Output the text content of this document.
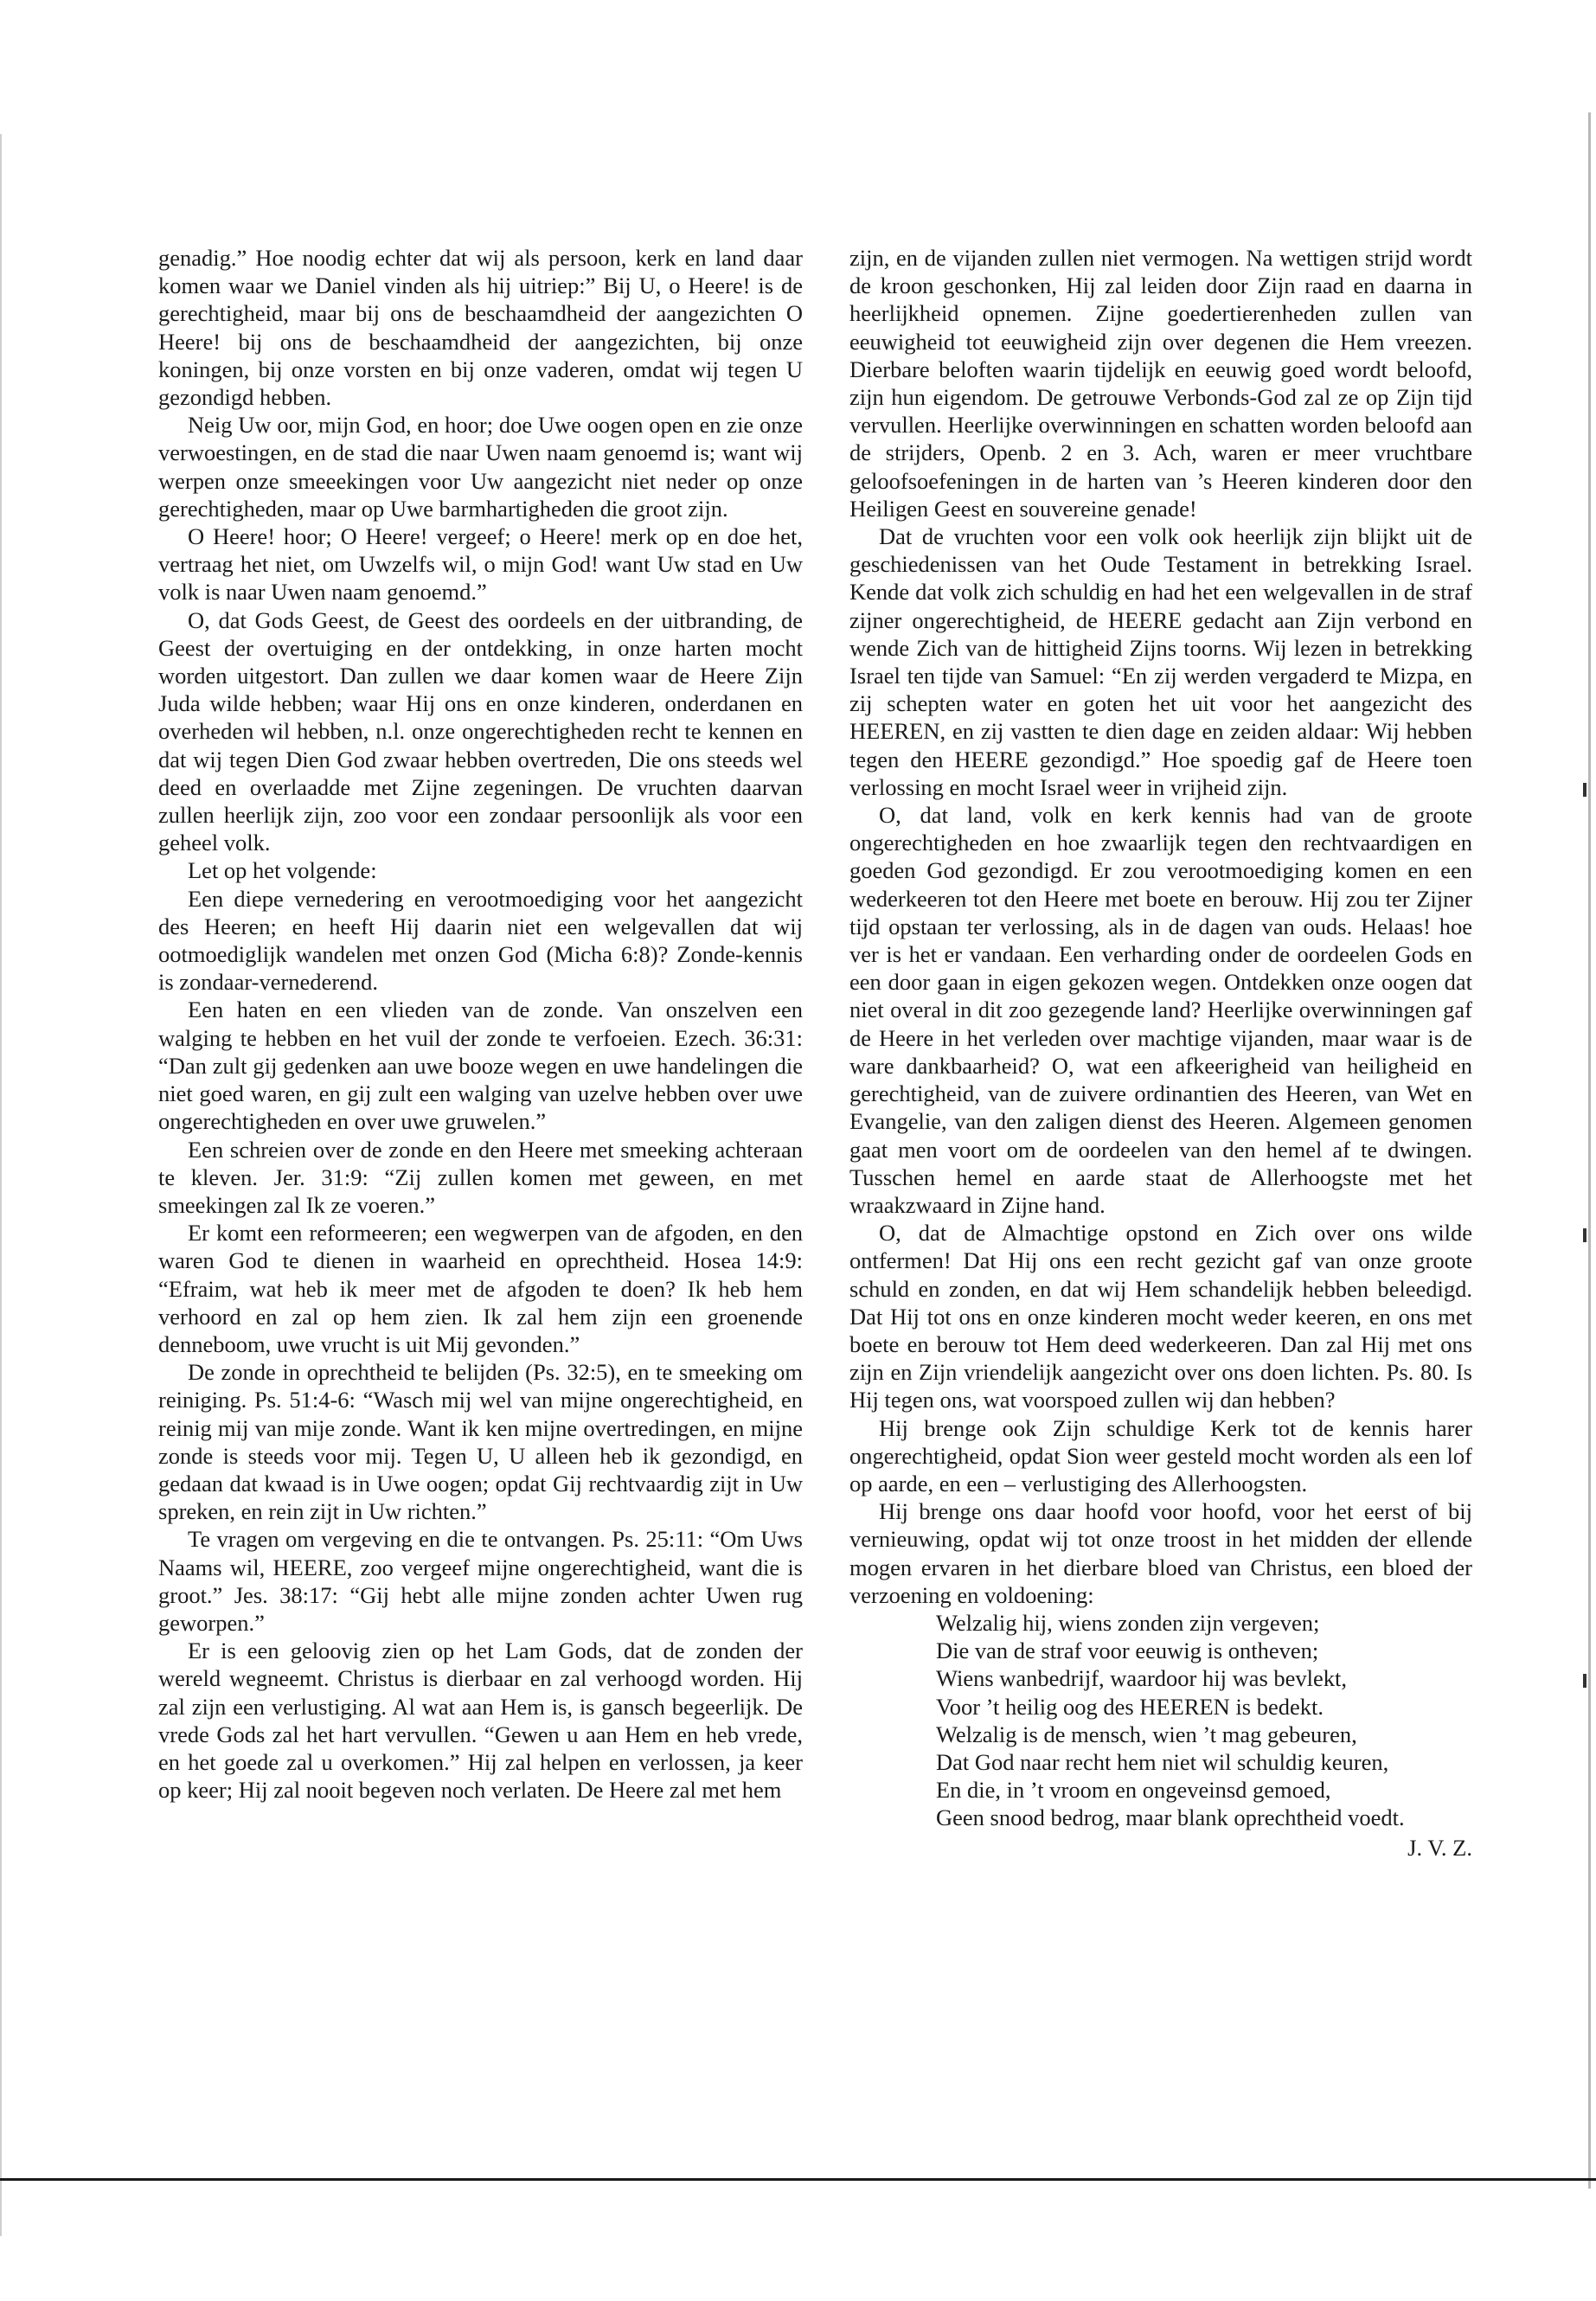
genadig.” Hoe noodig echter dat wij als persoon, kerk en land daar komen waar we Daniel vinden als hij uitriep:” Bij U, o Heere! is de gerechtigheid, maar bij ons de beschaamdheid der aangezichten O Heere! bij ons de beschaamdheid der aangezichten, bij onze koningen, bij onze vorsten en bij onze vaderen, omdat wij tegen U gezondigd hebben.

Neig Uw oor, mijn God, en hoor; doe Uwe oogen open en zie onze verwoestingen, en de stad die naar Uwen naam genoemd is; want wij werpen onze smeeekingen voor Uw aangezicht niet neder op onze gerechtigheden, maar op Uwe barmhartigheden die groot zijn.

O Heere! hoor; O Heere! vergeef; o Heere! merk op en doe het, vertraag het niet, om Uwzelfs wil, o mijn God! want Uw stad en Uw volk is naar Uwen naam genoemd.”

O, dat Gods Geest, de Geest des oordeels en der uitbranding, de Geest der overtuiging en der ontdekking, in onze harten mocht worden uitgestort. Dan zullen we daar komen waar de Heere Zijn Juda wilde hebben; waar Hij ons en onze kinderen, onderdanen en overheden wil hebben, n.l. onze ongerechtigheden recht te kennen en dat wij tegen Dien God zwaar hebben overtreden, Die ons steeds wel deed en overlaadde met Zijne zegeningen. De vruchten daarvan zullen heerlijk zijn, zoo voor een zondaar persoonlijk als voor een geheel volk.

Let op het volgende:

Een diepe vernedering en verootmoediging voor het aangezicht des Heeren; en heeft Hij daarin niet een welgevallen dat wij ootmoediglijk wandelen met onzen God (Micha 6:8)? Zonde-kennis is zondaar-vernederend.

Een haten en een vlieden van de zonde. Van onszelven een walging te hebben en het vuil der zonde te verfoeien. Ezech. 36:31: “Dan zult gij gedenken aan uwe booze wegen en uwe handelingen die niet goed waren, en gij zult een walging van uzelve hebben over uwe ongerechtigheden en over uwe gruwelen.”

Een schreien over de zonde en den Heere met smeeking achteraan te kleven. Jer. 31:9: “Zij zullen komen met geween, en met smeekingen zal Ik ze voeren.”

Er komt een reformeeren; een wegwerpen van de afgoden, en den waren God te dienen in waarheid en oprechtheid. Hosea 14:9: “Efraim, wat heb ik meer met de afgoden te doen? Ik heb hem verhoord en zal op hem zien. Ik zal hem zijn een groenende denneboom, uwe vrucht is uit Mij gevonden.”

De zonde in oprechtheid te belijden (Ps. 32:5), en te smeeking om reiniging. Ps. 51:4-6: “Wasch mij wel van mijne ongerechtigheid, en reinig mij van mije zonde. Want ik ken mijne overtredingen, en mijne zonde is steeds voor mij. Tegen U, U alleen heb ik gezondigd, en gedaan dat kwaad is in Uwe oogen; opdat Gij rechtvaardig zijt in Uw spreken, en rein zijt in Uw richten.”

Te vragen om vergeving en die te ontvangen. Ps. 25:11: “Om Uws Naams wil, HEERE, zoo vergeef mijne ongerechtigheid, want die is groot.” Jes. 38:17: “Gij hebt alle mijne zonden achter Uwen rug geworpen.”

Er is een geloovig zien op het Lam Gods, dat de zonden der wereld wegneemt. Christus is dierbaar en zal verhoogd worden. Hij zal zijn een verlustiging. Al wat aan Hem is, is gansch begeerlijk. De vrede Gods zal het hart vervullen. “Gewen u aan Hem en heb vrede, en het goede zal u overkomen.” Hij zal helpen en verlossen, ja keer op keer; Hij zal nooit begeven noch verlaten. De Heere zal met hem

zijn, en de vijanden zullen niet vermogen. Na wettigen strijd wordt de kroon geschonken, Hij zal leiden door Zijn raad en daarna in heerlijkheid opnemen. Zijne goedertierenheden zullen van eeuwigheid tot eeuwigheid zijn over degenen die Hem vreezen. Dierbare beloften waarin tijdelijk en eeuwig goed wordt beloofd, zijn hun eigendom. De getrouwe Verbonds-God zal ze op Zijn tijd vervullen. Heerlijke overwinningen en schatten worden beloofd aan de strijders, Openb. 2 en 3. Ach, waren er meer vruchtbare geloofsoefeningen in de harten van ’s Heeren kinderen door den Heiligen Geest en souvereine genade!

Dat de vruchten voor een volk ook heerlijk zijn blijkt uit de geschiedenissen van het Oude Testament in betrekking Israel. Kende dat volk zich schuldig en had het een welgevallen in de straf zijner ongerechtigheid, de HEERE gedacht aan Zijn verbond en wende Zich van de hittigheid Zijns toorns. Wij lezen in betrekking Israel ten tijde van Samuel: “En zij werden vergaderd te Mizpa, en zij schepten water en goten het uit voor het aangezicht des HEEREN, en zij vastten te dien dage en zeiden aldaar: Wij hebben tegen den HEERE gezondigd.” Hoe spoedig gaf de Heere toen verlossing en mocht Israel weer in vrijheid zijn.

O, dat land, volk en kerk kennis had van de groote ongerechtigheden en hoe zwaarlijk tegen den rechtvaardigen en goeden God gezondigd. Er zou verootmoediging komen en een wederkeeren tot den Heere met boete en berouw. Hij zou ter Zijner tijd opstaan ter verlossing, als in de dagen van ouds. Helaas! hoe ver is het er vandaan. Een verharding onder de oordeelen Gods en een door gaan in eigen gekozen wegen. Ontdekken onze oogen dat niet overal in dit zoo gezegende land? Heerlijke overwinningen gaf de Heere in het verleden over machtige vijanden, maar waar is de ware dankbaarheid? O, wat een afkeerigheid van heiligheid en gerechtigheid, van de zuivere ordinantien des Heeren, van Wet en Evangelie, van den zaligen dienst des Heeren. Algemeen genomen gaat men voort om de oordeelen van den hemel af te dwingen. Tusschen hemel en aarde staat de Allerhoogste met het wraakzwaard in Zijne hand.

O, dat de Almachtige opstond en Zich over ons wilde ontfermen! Dat Hij ons een recht gezicht gaf van onze groote schuld en zonden, en dat wij Hem schandelijk hebben beleedigd. Dat Hij tot ons en onze kinderen mocht weder keeren, en ons met boete en berouw tot Hem deed wederkeeren. Dan zal Hij met ons zijn en Zijn vriendelijk aangezicht over ons doen lichten. Ps. 80. Is Hij tegen ons, wat voorspoed zullen wij dan hebben?

Hij brenge ook Zijn schuldige Kerk tot de kennis harer ongerechtigheid, opdat Sion weer gesteld mocht worden als een lof op aarde, en een – verlustiging des Allerhoogsten.

Hij brenge ons daar hoofd voor hoofd, voor het eerst of bij vernieuwing, opdat wij tot onze troost in het midden der ellende mogen ervaren in het dierbare bloed van Christus, een bloed der verzoening en voldoening:

Welzalig hij, wiens zonden zijn vergeven;
Die van de straf voor eeuwig is ontheven;
Wiens wanbedrijf, waardoor hij was bevlekt,
Voor ’t heilig oog des HEEREN is bedekt.
Welzalig is de mensch, wien ’t mag gebeuren,
Dat God naar recht hem niet wil schuldig keuren,
En die, in ’t vroom en ongeveinsd gemoed,
Geen snood bedrog, maar blank oprechtheid voedt.
J. V. Z.
